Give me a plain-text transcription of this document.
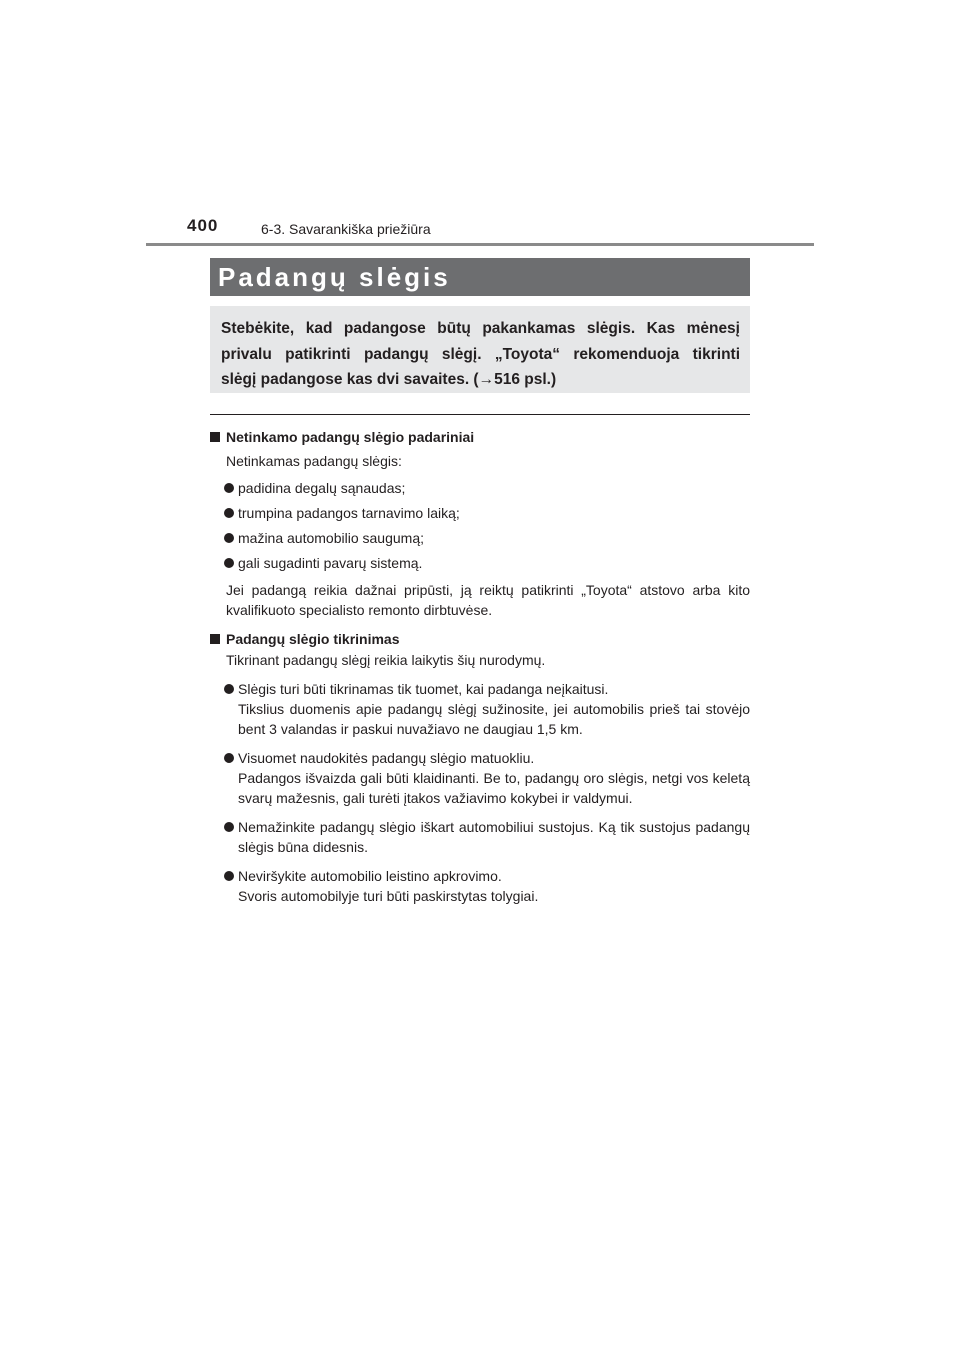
400	6-3. Savarankiška priežiūra
Padangų slėgis
Stebėkite, kad padangose būtų pakankamas slėgis. Kas mėnesį
privalu patikrinti padangų slėgį. „Toyota“ rekomenduoja tikrinti
slėgį padangose kas dvi savaites. (→516 psl.)
Netinkamo padangų slėgio padariniai
Netinkamas padangų slėgis:
padidina degalų sąnaudas;
trumpina padangos tarnavimo laiką;
mažina automobilio saugumą;
gali sugadinti pavarų sistemą.
Jei padangą reikia dažnai pripūsti, ją reiktų patikrinti „Toyota“ atstovo arba kito kvalifikuoto specialisto remonto dirbtuvėse.
Padangų slėgio tikrinimas
Tikrinant padangų slėgį reikia laikytis šių nurodymų.
Slėgis turi būti tikrinamas tik tuomet, kai padanga neįkaitusi.
Tikslius duomenis apie padangų slėgį sužinosite, jei automobilis prieš tai stovėjo bent 3 valandas ir paskui nuvažiavo ne daugiau 1,5 km.
Visuomet naudokitės padangų slėgio matuokliu.
Padangos išvaizda gali būti klaidinanti. Be to, padangų oro slėgis, netgi vos keletą svarų mažesnis, gali turėti įtakos važiavimo kokybei ir valdymui.
Nemažinkite padangų slėgio iškart automobiliui sustojus. Ką tik sustojus padangų slėgis būna didesnis.
Neviršykite automobilio leistino apkrovimo.
Svoris automobilyje turi būti paskirstytas tolygiai.
